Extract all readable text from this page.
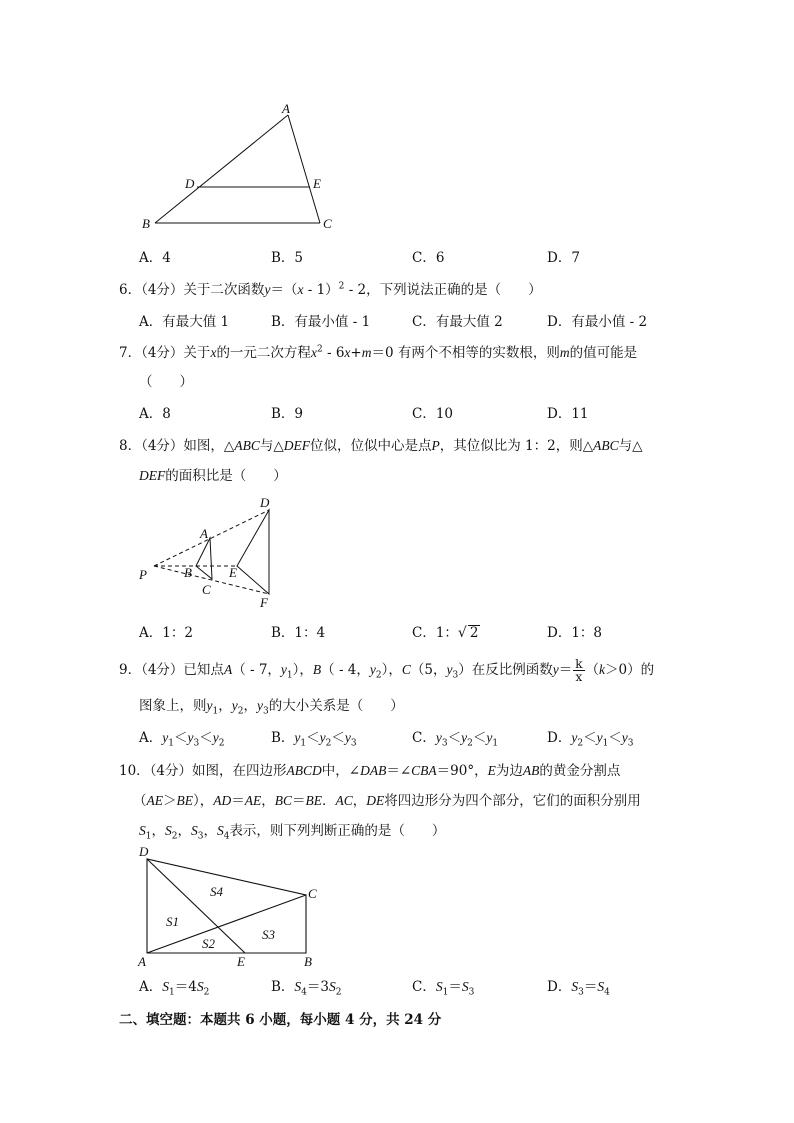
A
D	E
B	C
A．4	B．5	C．6	D．7
6．（4分）关于二次函数y＝（x - 1）$^2$ - 2，下列说法正确的是（　　）
A．有最大值 1	B．有最小值 - 1	C．有最大值 2	D．有最小值 - 2
7．（4分）关于x的一元二次方程$x^2 - 6x+m=0$ 有两个不相等的实数根，则m的值可能是
（　　）
A．8	B．9	C．10	D．11
8．（4分）如图，△ABC与△DEF位似，位似中心是点P，其位似比为 1：2，则△ABC与△
DEF的面积比是（　　）
D
A
P	B	E
C
F
A．1：2	B．1：4	C．1：√ 2	D．1：8
9．（4分）已知点A（ - 7，$y_1$），B（ - 4，$y_2$），C（5，$y_3$）在反比例函数$y= \frac{k}{x} (k>0)$的
图象上，则$y_1$，$y_2$，$y_3$的大小关系是（　　）
A．$y_1<y_3<y_2$	B．$y_1<y_2<y_3$	C．$y_3<y_2<y_1$	D．$y_2<y_1<y_3$
10．（4分）如图，在四边形ABCD中，∠DAB＝∠CBA＝90°，E为边AB的黄金分割点
（AE＞BE），AD＝AE，BC＝BE．AC，DE将四边形分为四个部分，它们的面积分别用
$S_1$，$S_2$，$S_3$，$S_4$表示，则下列判断正确的是（　　）
D
C
S4
S1
S3
S2
A	E	B
A．$S_1=4S_2$	B．$S_4=3S_2$	C．$S_1=S_3$	D．$S_3=S_4$
二、填空题：本题共 6 小题，每小题 4 分，共 24 分
